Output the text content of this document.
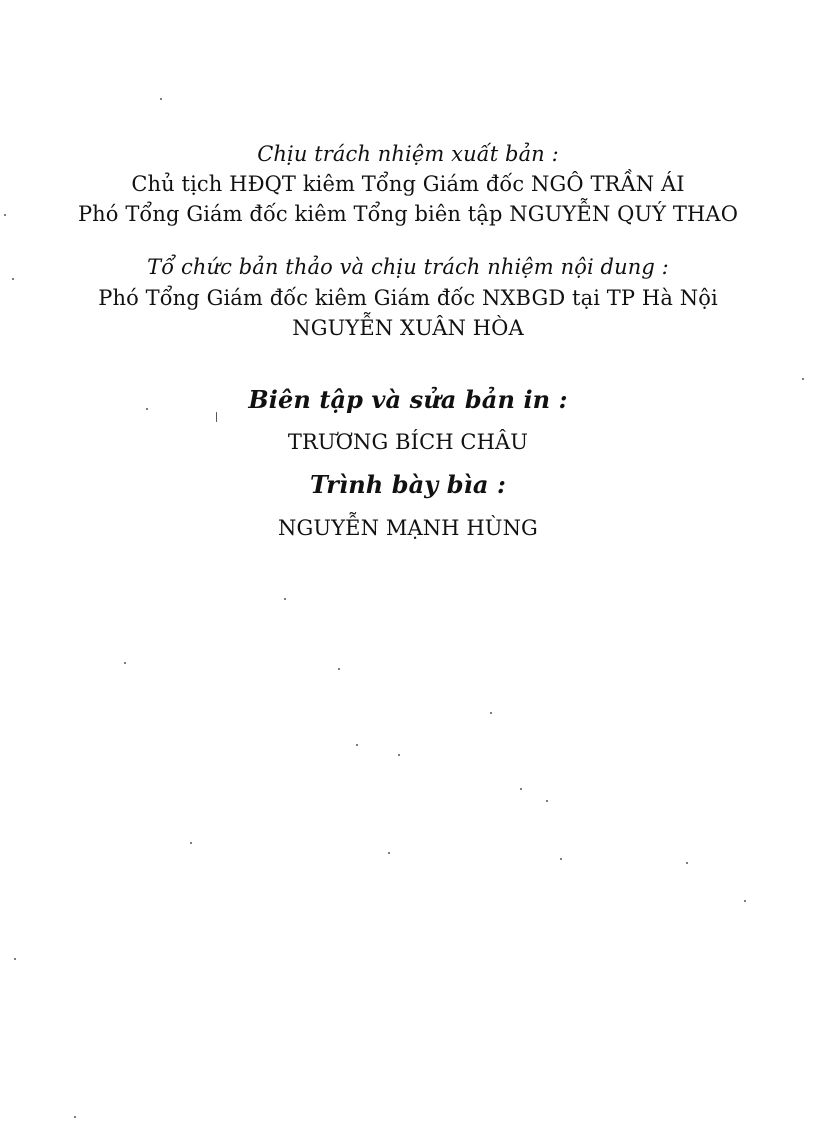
Chịu trách nhiệm xuất bản :
Chủ tịch HĐQT kiêm Tổng Giám đốc NGÔ TRẦN ÁI
Phó Tổng Giám đốc kiêm Tổng biên tập NGUYỄN QUÝ THAO
Tổ chức bản thảo và chịu trách nhiệm nội dung :
Phó Tổng Giám đốc kiêm Giám đốc NXBGD tại TP Hà Nội
NGUYỄN XUÂN HÒA
Biên tập và sửa bản in :
TRƯƠNG BÍCH CHÂU
Trình bày bìa :
NGUYỄN MẠNH HÙNG
